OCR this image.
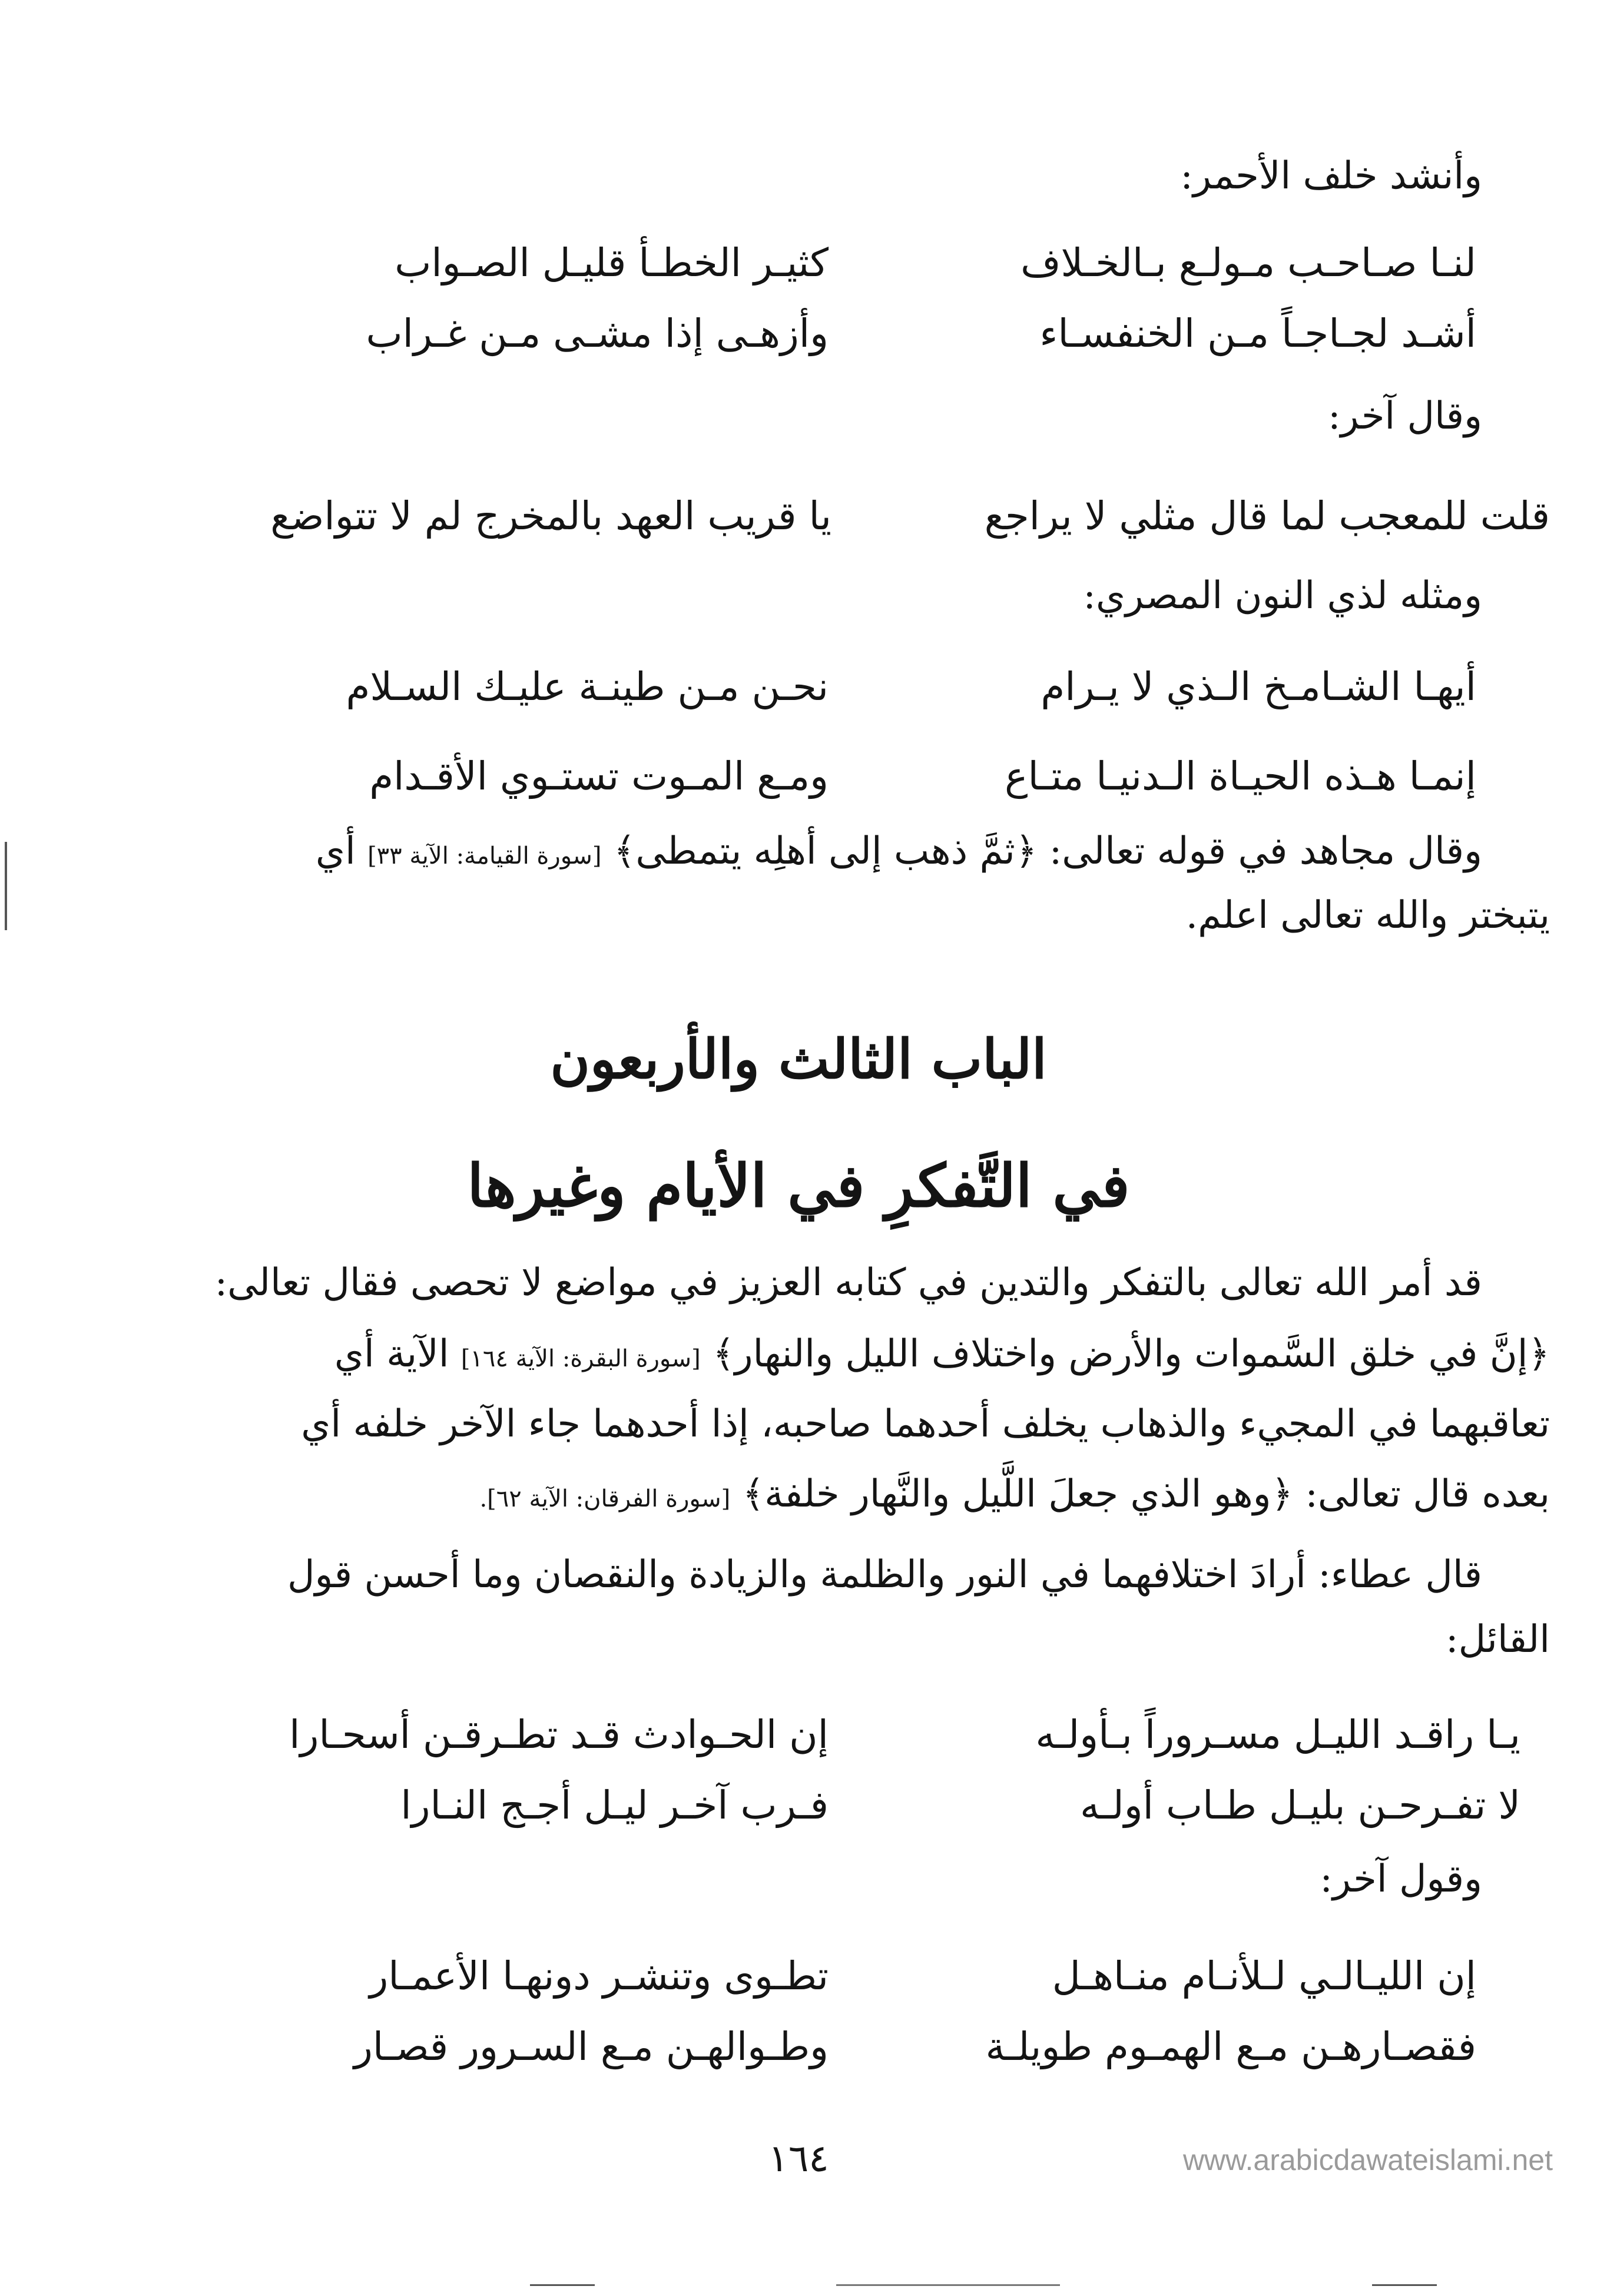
وأنشد خلف الأحمر:
لنـا صـاحـب مـولـع بـالخـلاف
كثيـر الخطـأ قليـل الصـواب
أشـد لجـاجـاً مـن الخنفسـاء
وأزهـى إذا مشـى مـن غـراب
وقال آخر:
قلت للمعجب لما قال مثلي لا يراجع
يا قريب العهد بالمخرج لم لا تتواضع
ومثله لذي النون المصري:
أيهـا الشـامـخ الـذي لا يـرام
نحـن مـن طينـة عليـك السـلام
إنمـا هـذه الحيـاة الـدنيـا متـاع
ومـع المـوت تستـوي الأقـدام
وقال مجاهد في قوله تعالى: ﴿ثمَّ ذهب إلى أهلِه يتمطى﴾ [سورة القيامة: الآية ٣٣] أي
يتبختر والله تعالى اعلم.
الباب الثالث والأربعون
في التَّفكرِ في الأيام وغيرها
قد أمر الله تعالى بالتفكر والتدين في كتابه العزيز في مواضع لا تحصى فقال تعالى:
﴿إنَّ في خلق السَّموات والأرض واختلاف الليل والنهار﴾ [سورة البقرة: الآية ١٦٤] الآية أي
تعاقبهما في المجيء والذهاب يخلف أحدهما صاحبه، إذا أحدهما جاء الآخر خلفه أي
بعده قال تعالى: ﴿وهو الذي جعلَ اللَّيل والنَّهار خلفة﴾ [سورة الفرقان: الآية ٦٢].
قال عطاء: أرادَ اختلافهما في النور والظلمة والزيادة والنقصان وما أحسن قول
القائل:
يـا راقـد الليـل مسـروراً بـأولـه
إن الحـوادث قـد تطـرقـن أسحـارا
لا تفـرحـن بليـل طـاب أولـه
فـرب آخـر ليـل أجـج النـارا
وقول آخر:
إن الليـالـي لـلأنـام منـاهـل
تطـوى وتنشـر دونهـا الأعمـار
فقصـارهـن مـع الهمـوم طويلـة
وطـوالهـن مـع السـرور قصـار
١٦٤	www.arabicdawateislami.net
